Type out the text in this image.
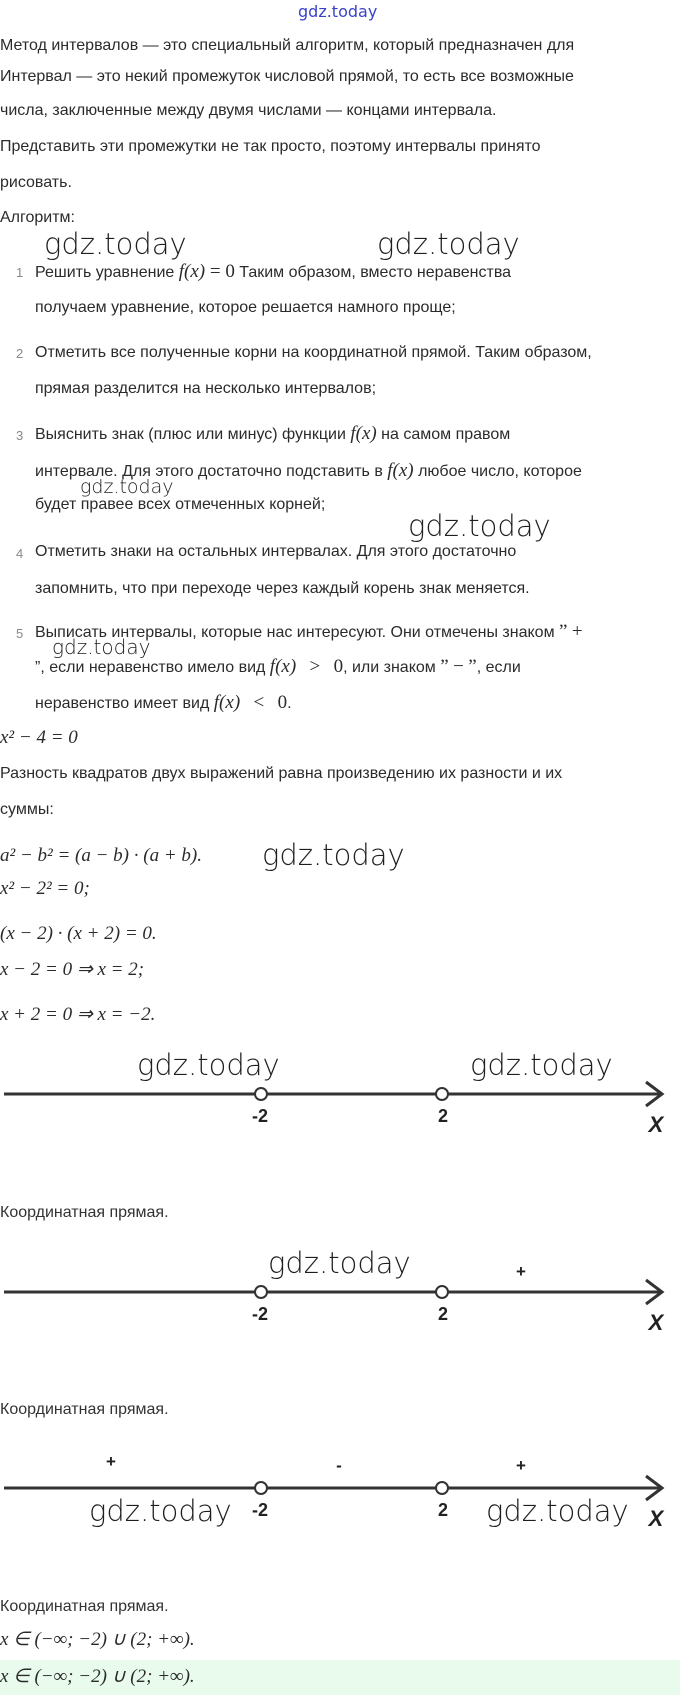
gdz.today
Метод интервалов — это специальный алгоритм, который предназначен для
Интервал — это некий промежуток числовой прямой, то есть все возможные
числа, заключенные между двумя числами — концами интервала.
Представить эти промежутки не так просто, поэтому интервалы принято
рисовать.
Алгоритм:
gdz.today	gdz.today
1 Решить уравнение f(x) = 0 Таким образом, вместо неравенства
получаем уравнение, которое решается намного проще;
2 Отметить все полученные корни на координатной прямой. Таким образом,
прямая разделится на несколько интервалов;
3 Выяснить знак (плюс или минус) функции f(x) на самом правом
интервале. Для этого достаточно подставить в f(x) любое число, которое
gdz.today
будет правее всех отмеченных корней;
gdz.today
4 Отметить знаки на остальных интервалах. Для этого достаточно
запомнить, что при переходе через каждый корень знак меняется.
5 Выписать интервалы, которые нас интересуют. Они отмечены знаком ” +
gdz.today
”, если неравенство имело вид f(x) > 0, или знаком ” − ”, если
неравенство имеет вид f(x) < 0.
x² − 4 = 0
Разность квадратов двух выражений равна произведению их разности и их
суммы:
a² − b² = (a − b) · (a + b). gdz.today
x² − 2² = 0;
(x − 2) · (x + 2) = 0.
x − 2 = 0 ⇒ x = 2;
x + 2 = 0 ⇒ x = −2.
gdz.today	gdz.today
-2	2	X
Координатная прямая.
gdz.today	+
-2	2	X
Координатная прямая.
+	-	+
-2	2	X
gdz.today	gdz.today
Координатная прямая.
x ∈ (−∞; −2) ∪ (2; +∞).
x ∈ (−∞; −2) ∪ (2; +∞).
